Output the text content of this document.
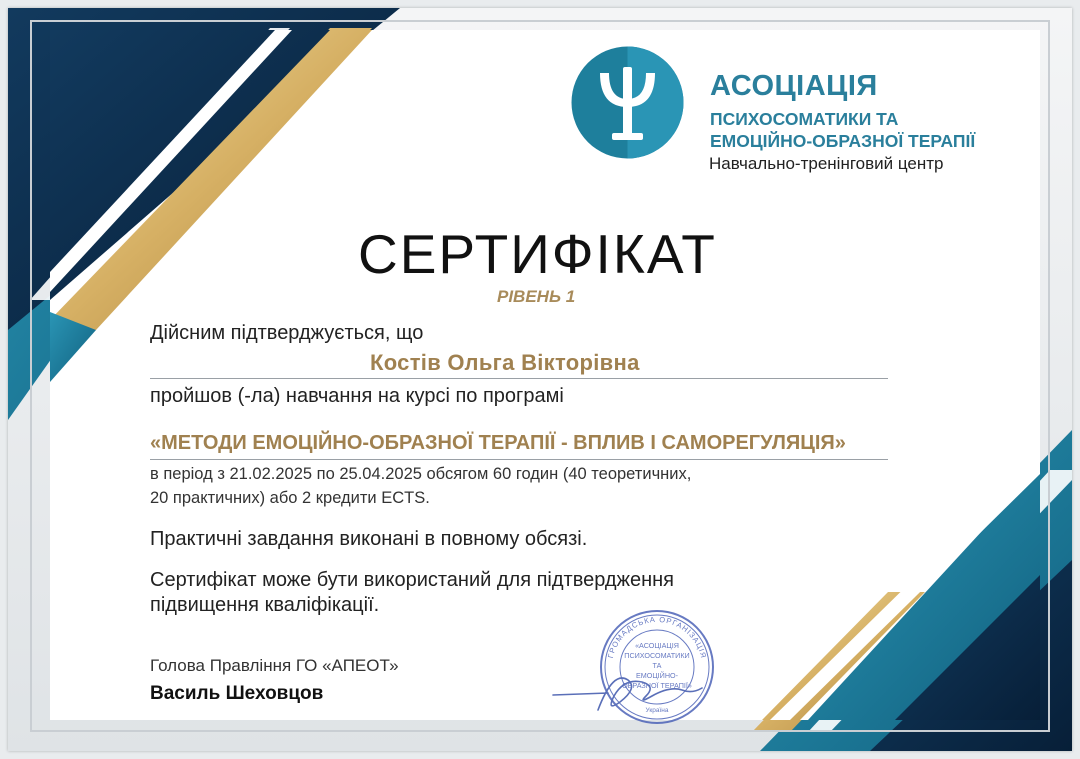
АСОЦІАЦІЯ
ПСИХОСОМАТИКИ ТА
ЕМОЦІЙНО-ОБРАЗНОЇ ТЕРАПІЇ
Навчально-тренінговий центр
СЕРТИФІКАТ
РІВЕНЬ 1
Дійсним підтверджується, що
Костів Ольга Вікторівна
пройшов (-ла) навчання на курсі по програмі
«МЕТОДИ ЕМОЦІЙНО-ОБРАЗНОЇ ТЕРАПІЇ - ВПЛИВ І САМОРЕГУЛЯЦІЯ»
в період з 21.02.2025 по 25.04.2025 обсягом 60 годин (40 теоретичних,
20 практичних) або 2 кредити ECTS.
Практичні завдання виконані в повному обсязі.
Сертифікат може бути використаний для підтвердження
підвищення кваліфікації.
Голова Правління ГО «АПЕОТ»
Василь Шеховцов
ГРОМАДСЬКА ОРГАНІЗАЦІЯ
«АСОЦІАЦІЯ
ПСИХОСОМАТИКИ
ТА
ЕМОЦІЙНО-
ОБРАЗНОЇ ТЕРАПІЇ»
Україна
